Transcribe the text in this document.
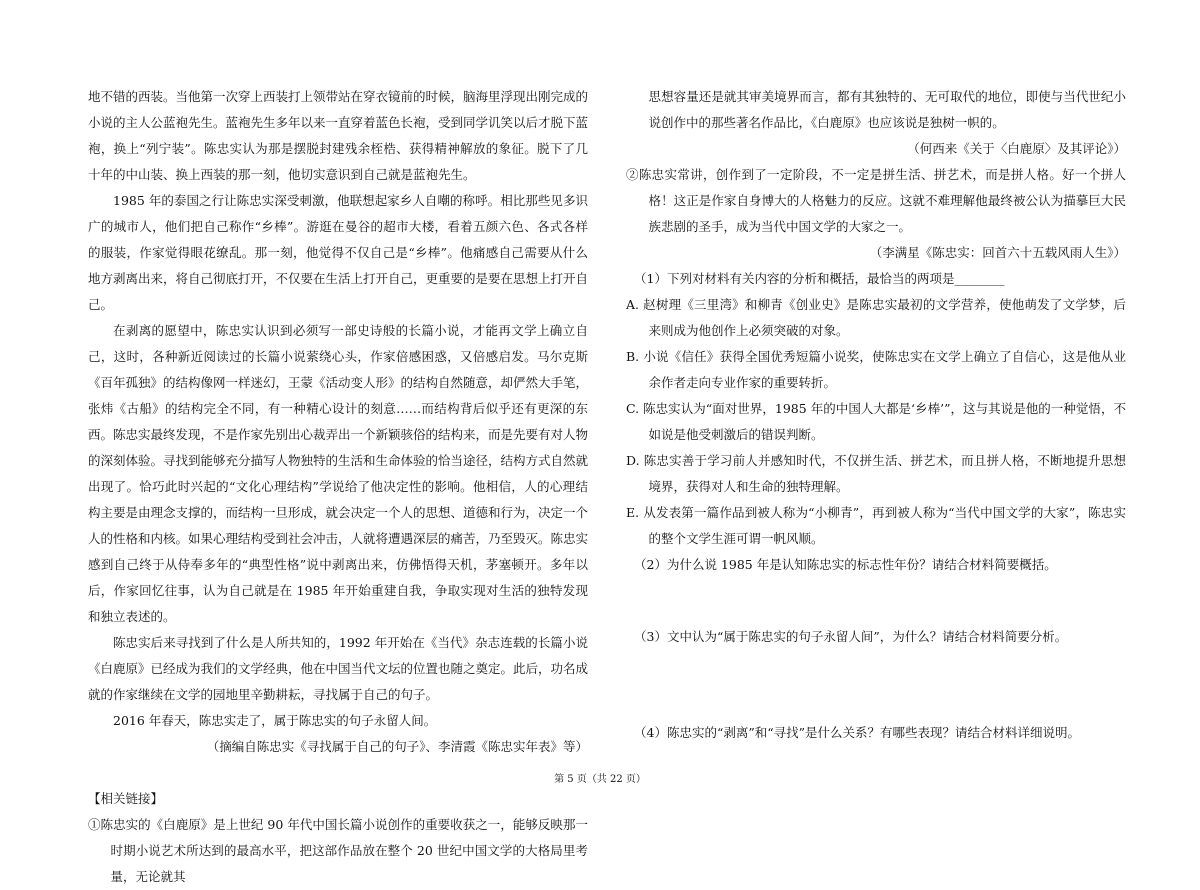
地不错的西装。当他第一次穿上西装打上领带站在穿衣镜前的时候，脑海里浮现出刚完成的小说的主人公蓝袍先生。蓝袍先生多年以来一直穿着蓝色长袍，受到同学讥笑以后才脱下蓝袍，换上“列宁装”。陈忠实认为那是摆脱封建残余桎梏、获得精神解放的象征。脱下了几十年的中山装、换上西装的那一刻，他切实意识到自己就是蓝袍先生。

1985 年的泰国之行让陈忠实深受刺激，他联想起家乡人自嘲的称呼。相比那些见多识广的城市人，他们把自己称作“乡棒”。游逛在曼谷的超市大楼，看着五颜六色、各式各样的服装，作家觉得眼花缭乱。那一刻，他觉得不仅自己是“乡棒”。他痛感自己需要从什么地方剥离出来，将自己彻底打开，不仅要在生活上打开自己，更重要的是要在思想上打开自己。

在剥离的愿望中，陈忠实认识到必须写一部史诗般的长篇小说，才能再文学上确立自己，这时，各种新近阅读过的长篇小说萦绕心头，作家倍感困惑，又倍感启发。马尔克斯《百年孤独》的结构像网一样迷幻，王蒙《活动变人形》的结构自然随意，却俨然大手笔，张炜《古船》的结构完全不同，有一种精心设计的刻意……而结构背后似乎还有更深的东西。陈忠实最终发现，不是作家先别出心裁弄出一个新颖骇俗的结构来，而是先要有对人物的深刻体验。寻找到能够充分描写人物独特的生活和生命体验的恰当途径，结构方式自然就出现了。恰巧此时兴起的“文化心理结构”学说给了他决定性的影响。他相信，人的心理结构主要是由理念支撑的，而结构一旦形成，就会决定一个人的思想、道德和行为，决定一个人的性格和内核。如果心理结构受到社会冲击，人就将遭遇深层的痛苦，乃至毁灭。陈忠实感到自己终于从侍奉多年的“典型性格”说中剥离出来，仿佛悟得天机，茅塞顿开。多年以后，作家回忆往事，认为自己就是在 1985 年开始重建自我，争取实现对生活的独特发现和独立表述的。

陈忠实后来寻找到了什么是人所共知的，1992 年开始在《当代》杂志连载的长篇小说《白鹿原》已经成为我们的文学经典，他在中国当代文坛的位置也随之奠定。此后，功名成就的作家继续在文学的园地里辛勤耕耘，寻找属于自己的句子。

2016 年春天，陈忠实走了，属于陈忠实的句子永留人间。

（摘编自陈忠实《寻找属于自己的句子》、李清霞《陈忠实年表》等）

【相关链接】

①陈忠实的《白鹿原》是上世纪 90 年代中国长篇小说创作的重要收获之一，能够反映那一时期小说艺术所达到的最高水平，把这部作品放在整个 20 世纪中国文学的大格局里考量，无论就其

思想容量还是就其审美境界而言，都有其独特的、无可取代的地位，即使与当代世纪小说创作中的那些著名作品比，《白鹿原》也应该说是独树一帜的。

（何西来《关于〈白鹿原〉及其评论》）

②陈忠实常讲，创作到了一定阶段，不一定是拼生活、拼艺术，而是拼人格。好一个拼人格！这正是作家自身博大的人格魅力的反应。这就不难理解他最终被公认为描摹巨大民族悲剧的圣手，成为当代中国文学的大家之一。

（李满星《陈忠实：回首六十五载风雨人生》）

（1）下列对材料有关内容的分析和概括，最恰当的两项是________

A. 赵树理《三里湾》和柳青《创业史》是陈忠实最初的文学营养，使他萌发了文学梦，后来则成为他创作上必须突破的对象。

B. 小说《信任》获得全国优秀短篇小说奖，使陈忠实在文学上确立了自信心，这是他从业余作者走向专业作家的重要转折。

C. 陈忠实认为“面对世界，1985 年的中国人大都是‘乡棒’”，这与其说是他的一种觉悟，不如说是他受刺激后的错误判断。

D. 陈忠实善于学习前人并感知时代，不仅拼生活、拼艺术，而且拼人格，不断地提升思想境界，获得对人和生命的独特理解。

E. 从发表第一篇作品到被人称为“小柳青”，再到被人称为“当代中国文学的大家”，陈忠实的整个文学生涯可谓一帆风顺。

（2）为什么说 1985 年是认知陈忠实的标志性年份？请结合材料简要概括。

（3）文中认为“属于陈忠实的句子永留人间”，为什么？请结合材料简要分析。

（4）陈忠实的“剥离”和“寻找”是什么关系？有哪些表现？请结合材料详细说明。

第 5 页（共 22 页）
